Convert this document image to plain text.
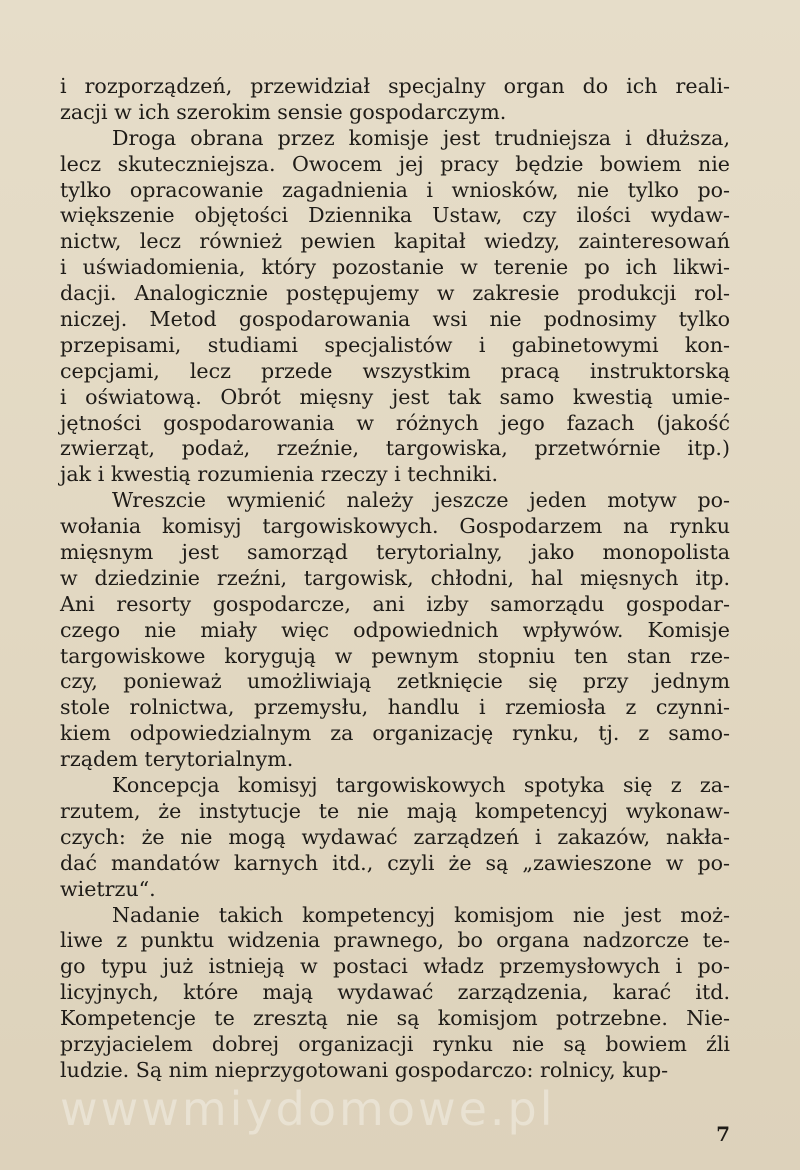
i rozporządzeń, przewidział specjalny organ do ich reali-
zacji w ich szerokim sensie gospodarczym.
Droga obrana przez komisje jest trudniejsza i dłuższa,
lecz skuteczniejsza. Owocem jej pracy będzie bowiem nie
tylko opracowanie zagadnienia i wniosków, nie tylko po-
większenie objętości Dziennika Ustaw, czy ilości wydaw-
nictw, lecz również pewien kapitał wiedzy, zainteresowań
i uświadomienia, który pozostanie w terenie po ich likwi-
dacji. Analogicznie postępujemy w zakresie produkcji rol-
niczej. Metod gospodarowania wsi nie podnosimy tylko
przepisami, studiami specjalistów i gabinetowymi kon-
cepcjami, lecz przede wszystkim pracą instruktorską
i oświatową. Obrót mięsny jest tak samo kwestią umie-
jętności gospodarowania w różnych jego fazach (jakość
zwierząt, podaż, rzeźnie, targowiska, przetwórnie itp.)
jak i kwestią rozumienia rzeczy i techniki.
Wreszcie wymienić należy jeszcze jeden motyw po-
wołania komisyj targowiskowych. Gospodarzem na rynku
mięsnym jest samorząd terytorialny, jako monopolista
w dziedzinie rzeźni, targowisk, chłodni, hal mięsnych itp.
Ani resorty gospodarcze, ani izby samorządu gospodar-
czego nie miały więc odpowiednich wpływów. Komisje
targowiskowe korygują w pewnym stopniu ten stan rze-
czy, ponieważ umożliwiają zetknięcie się przy jednym
stole rolnictwa, przemysłu, handlu i rzemiosła z czynni-
kiem odpowiedzialnym za organizację rynku, tj. z samo-
rządem terytorialnym.
Koncepcja komisyj targowiskowych spotyka się z za-
rzutem, że instytucje te nie mają kompetencyj wykonaw-
czych: że nie mogą wydawać zarządzeń i zakazów, nakła-
dać mandatów karnych itd., czyli że są „zawieszone w po-
wietrzu“.
Nadanie takich kompetencyj komisjom nie jest moż-
liwe z punktu widzenia prawnego, bo organa nadzorcze te-
go typu już istnieją w postaci władz przemysłowych i po-
licyjnych, które mają wydawać zarządzenia, karać itd.
Kompetencje te zresztą nie są komisjom potrzebne. Nie-
przyjacielem dobrej organizacji rynku nie są bowiem źli
ludzie. Są nim nieprzygotowani gospodarczo: rolnicy, kup-
wwwmiydomowe.pl	7
